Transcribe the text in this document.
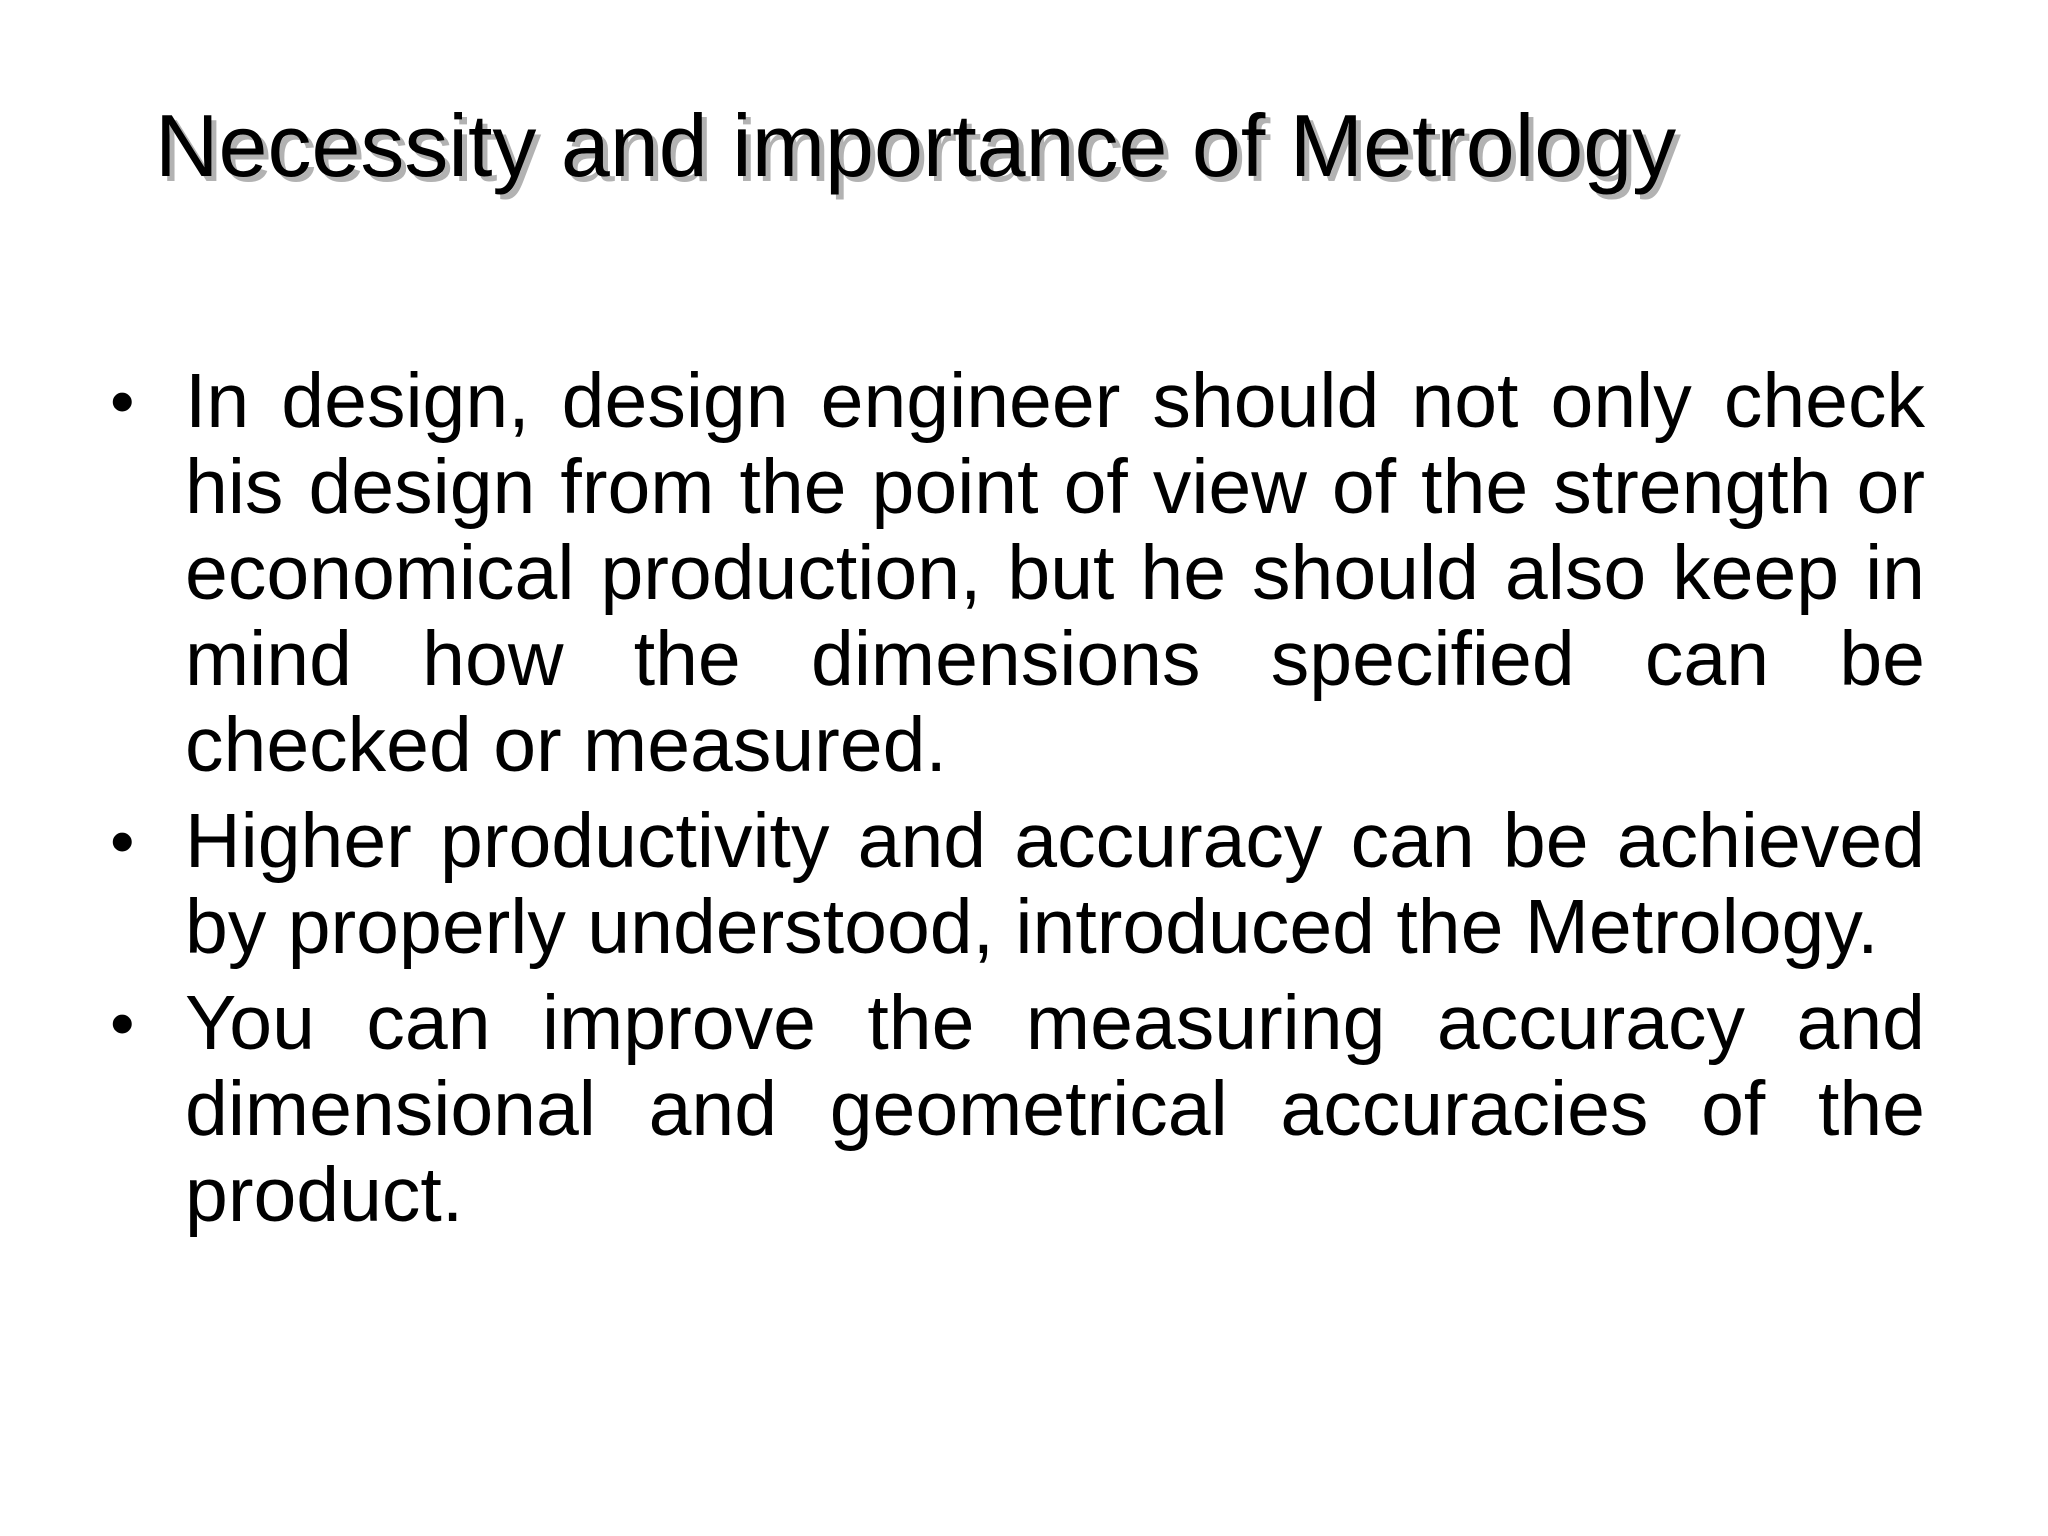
Necessity and importance of Metrology
• In design, design engineer should not only check his design from the point of view of the strength or economical production, but he should also keep in mind how the dimensions specified can be checked or measured.
• Higher productivity and accuracy can be achieved by properly understood, introduced the Metrology.
• You can improve the measuring accuracy and dimensional and geometrical accuracies of the product.
